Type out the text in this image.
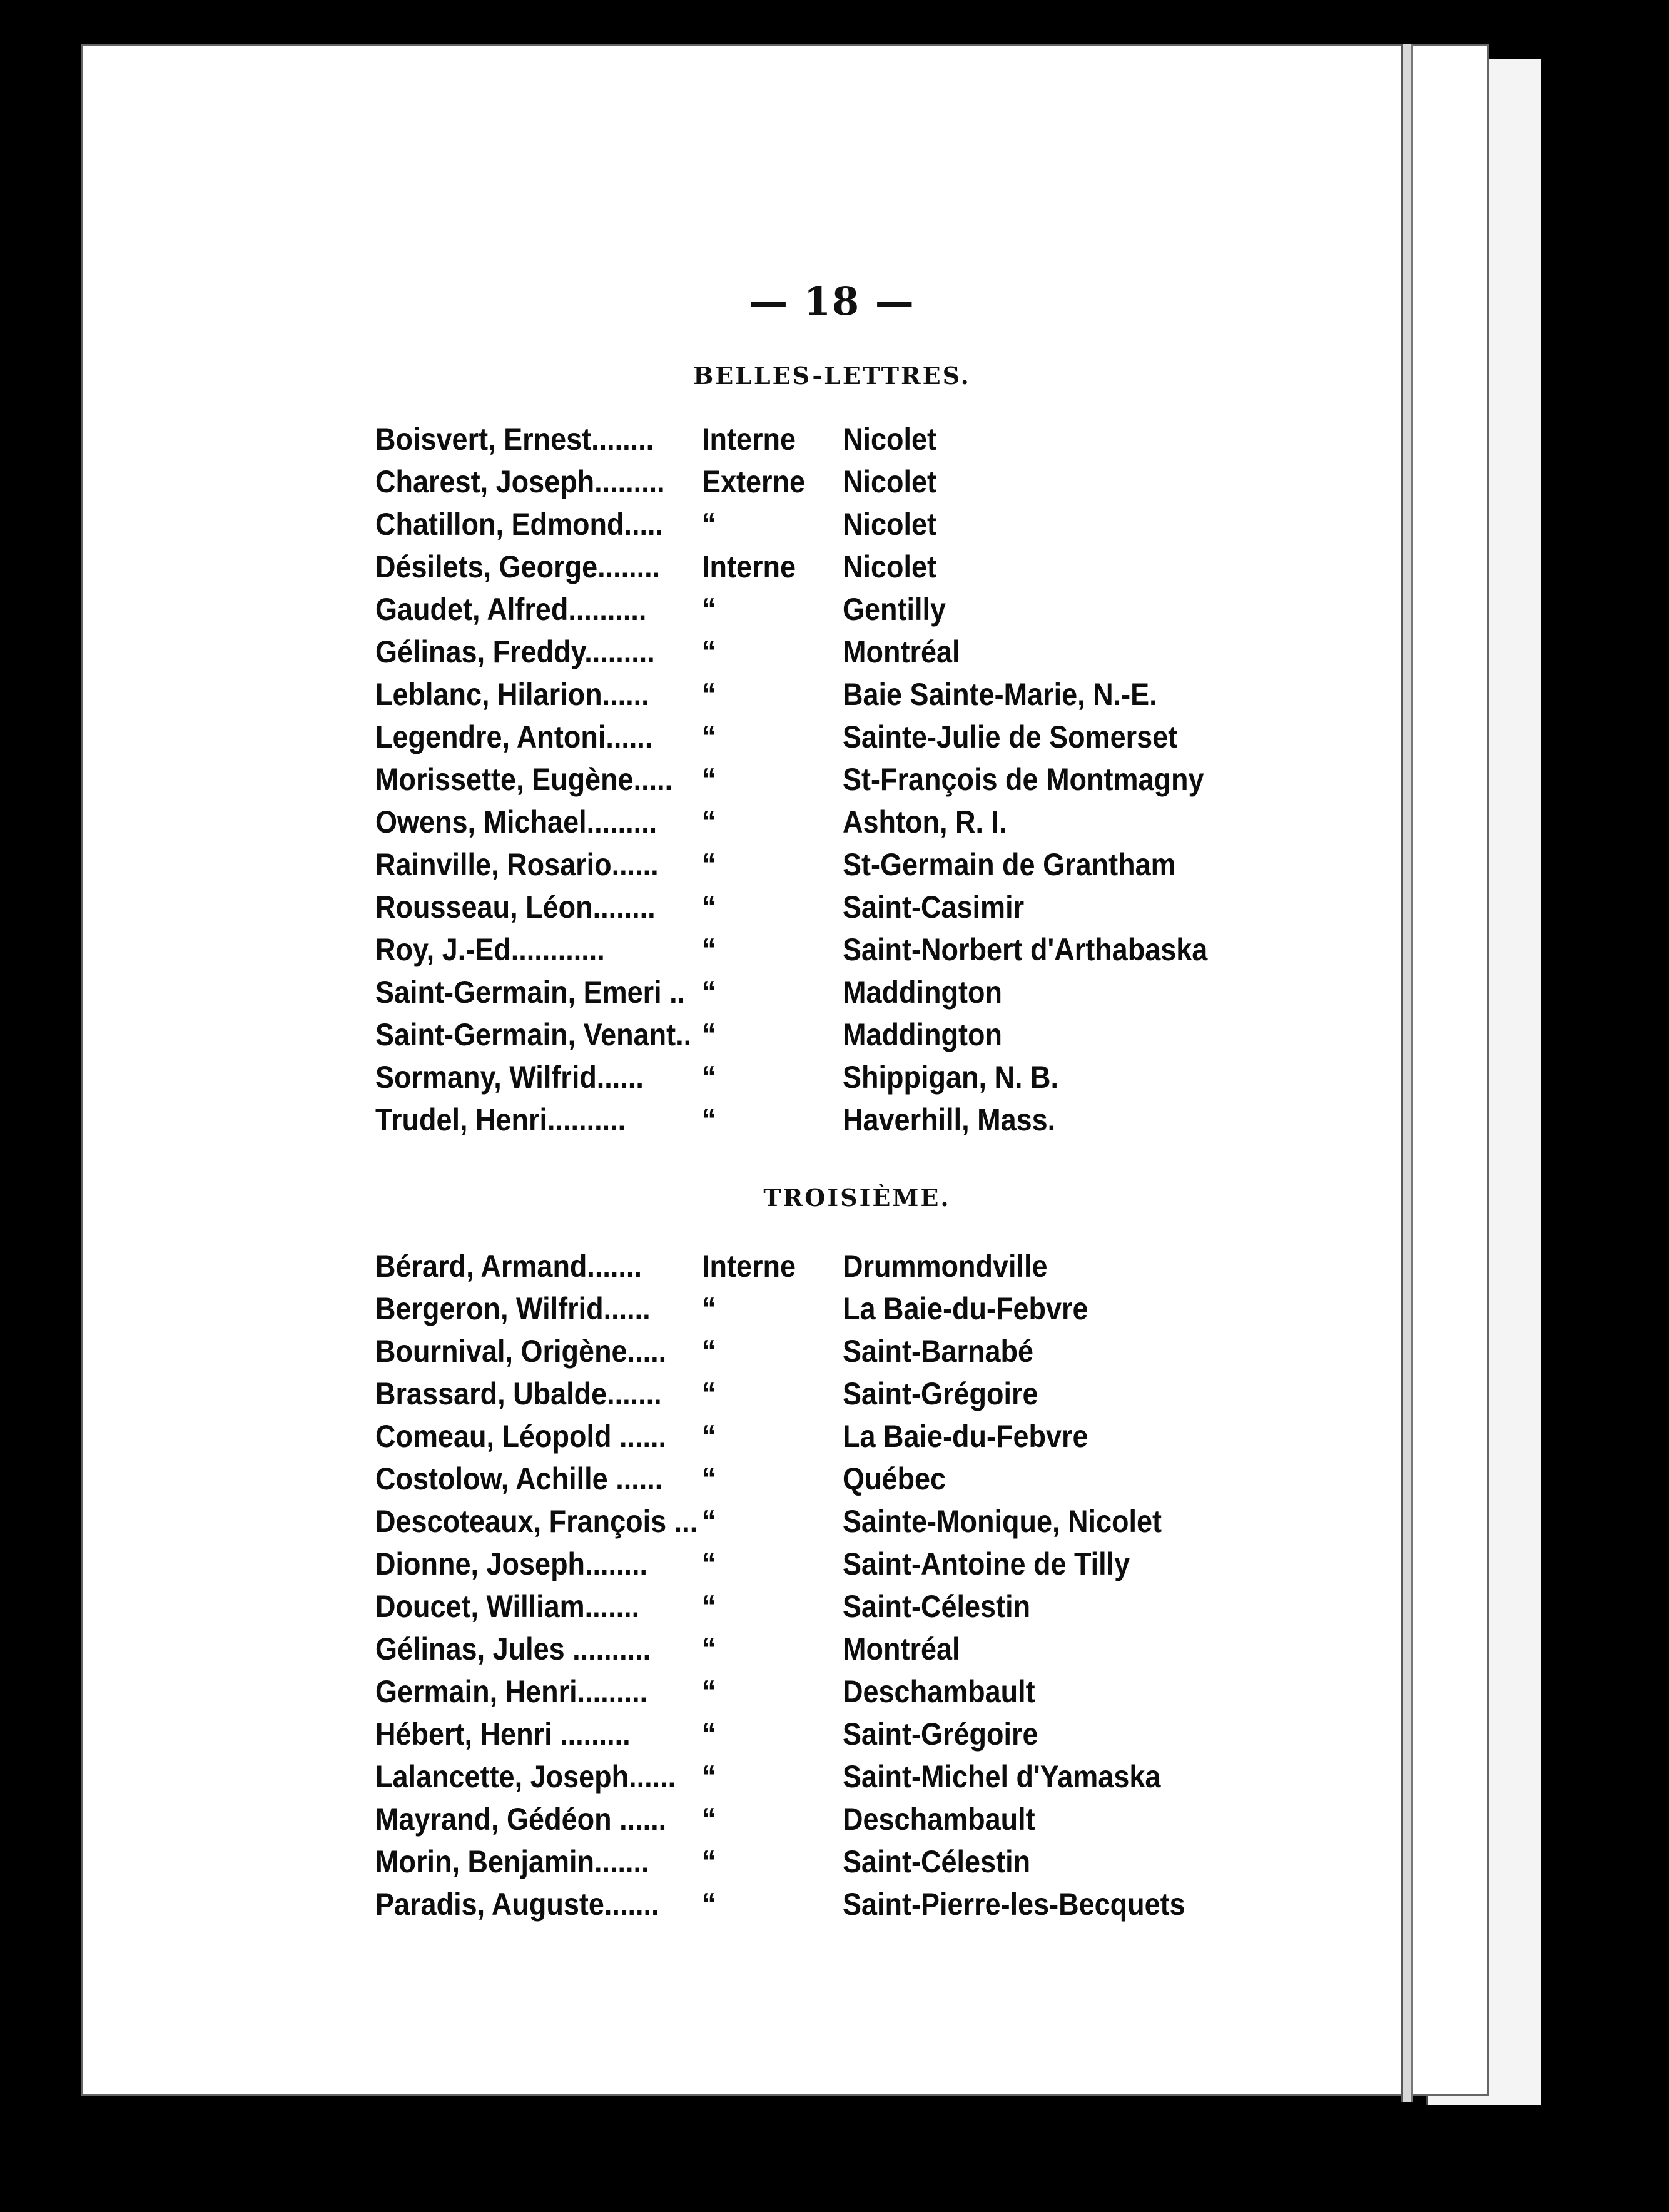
— 18 —
BELLES-LETTRES.
Boisvert, Ernest........ Interne Nicolet
Charest, Joseph......... Externe Nicolet
Chatillon, Edmond..... “	Nicolet
Désilets, George........ Interne Nicolet
Gaudet, Alfred.......... “	Gentilly
Gélinas, Freddy......... “	Montréal
Leblanc, Hilarion...... “	Baie Sainte-Marie, N.-E.
Legendre, Antoni...... “	Sainte-Julie de Somerset
Morissette, Eugène..... “	St-François de Montmagny
Owens, Michael......... “	Ashton, R. I.
Rainville, Rosario...... “	St-Germain de Grantham
Rousseau, Léon........ “	Saint-Casimir
Roy, J.-Ed............	“	Saint-Norbert d'Arthabaska
Saint-Germain, Emeri .. “	Maddington
Saint-Germain, Venant.. “	Maddington
Sormany, Wilfrid...... “	Shippigan, N. B.
Trudel, Henri.......... “	Haverhill, Mass.
TROISIÈME.
Bérard, Armand....... Interne Drummondville
Bergeron, Wilfrid...... “	La Baie-du-Febvre
Bournival, Origène..... “	Saint-Barnabé
Brassard, Ubalde....... “	Saint-Grégoire
Comeau, Léopold ...... “	La Baie-du-Febvre
Costolow, Achille ...... “	Québec
Descoteaux, François ... “	Sainte-Monique, Nicolet
Dionne, Joseph........ “	Saint-Antoine de Tilly
Doucet, William....... “	Saint-Célestin
Gélinas, Jules .......... “	Montréal
Germain, Henri......... “	Deschambault
Hébert, Henri ......... “	Saint-Grégoire
Lalancette, Joseph...... “	Saint-Michel d'Yamaska
Mayrand, Gédéon ...... “	Deschambault
Morin, Benjamin....... “	Saint-Célestin
Paradis, Auguste....... “	Saint-Pierre-les-Becquets
